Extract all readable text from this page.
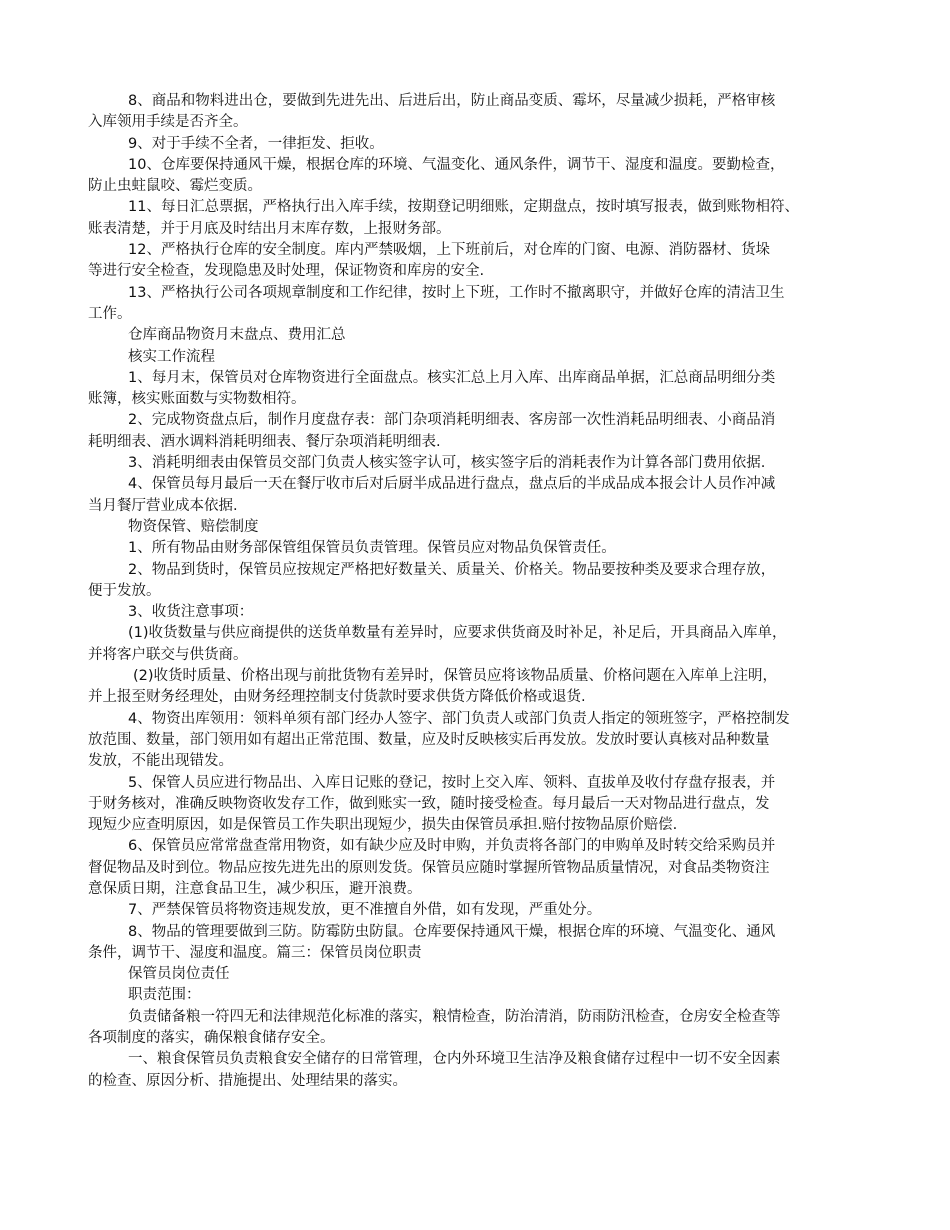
8、商品和物料进出仓，要做到先进先出、后进后出，防止商品变质、霉坏，尽量减少损耗，严格审核
入库领用手续是否齐全。
9、对于手续不全者，一律拒发、拒收。
10、仓库要保持通风干燥，根据仓库的环境、气温变化、通风条件，调节干、湿度和温度。要勤检查，
防止虫蛀鼠咬、霉烂变质。
11、每日汇总票据，严格执行出入库手续，按期登记明细账，定期盘点，按时填写报表，做到账物相符、
账表清楚，并于月底及时结出月末库存数，上报财务部。
12、严格执行仓库的安全制度。库内严禁吸烟，上下班前后，对仓库的门窗、电源、消防器材、货垛
等进行安全检查，发现隐患及时处理，保证物资和库房的安全.
13、严格执行公司各项规章制度和工作纪律，按时上下班，工作时不撤离职守，并做好仓库的清洁卫生
工作。
仓库商品物资月末盘点、费用汇总
核实工作流程
1、每月末，保管员对仓库物资进行全面盘点。核实汇总上月入库、出库商品单据，汇总商品明细分类
账簿，核实账面数与实物数相符。
2、完成物资盘点后，制作月度盘存表：部门杂项消耗明细表、客房部一次性消耗品明细表、小商品消
耗明细表、酒水调料消耗明细表、餐厅杂项消耗明细表.
3、消耗明细表由保管员交部门负责人核实签字认可，核实签字后的消耗表作为计算各部门费用依据.
4、保管员每月最后一天在餐厅收市后对后厨半成品进行盘点，盘点后的半成品成本报会计人员作冲减
当月餐厅营业成本依据.
物资保管、赔偿制度
1、所有物品由财务部保管组保管员负责管理。保管员应对物品负保管责任。
2、物品到货时，保管员应按规定严格把好数量关、质量关、价格关。物品要按种类及要求合理存放，
便于发放。
3、收货注意事项：
(1)收货数量与供应商提供的送货单数量有差异时，应要求供货商及时补足，补足后，开具商品入库单，
并将客户联交与供货商。
(2)收货时质量、价格出现与前批货物有差异时，保管员应将该物品质量、价格问题在入库单上注明，
并上报至财务经理处，由财务经理控制支付货款时要求供货方降低价格或退货.
4、物资出库领用：领料单须有部门经办人签字、部门负责人或部门负责人指定的领班签字，严格控制发
放范围、数量，部门领用如有超出正常范围、数量，应及时反映核实后再发放。发放时要认真核对品种数量
发放，不能出现错发。
5、保管人员应进行物品出、入库日记账的登记，按时上交入库、领料、直拔单及收付存盘存报表，并
于财务核对，准确反映物资收发存工作，做到账实一致，随时接受检查。每月最后一天对物品进行盘点，发
现短少应查明原因，如是保管员工作失职出现短少，损失由保管员承担.赔付按物品原价赔偿.
6、保管员应常常盘查常用物资，如有缺少应及时申购，并负责将各部门的申购单及时转交给采购员并
督促物品及时到位。物品应按先进先出的原则发货。保管员应随时掌握所管物品质量情况，对食品类物资注
意保质日期，注意食品卫生，减少积压，避开浪费。
7、严禁保管员将物资违规发放，更不准擅自外借，如有发现，严重处分。
8、物品的管理要做到三防。防霉防虫防鼠。仓库要保持通风干燥，根据仓库的环境、气温变化、通风
条件，调节干、湿度和温度。篇三：保管员岗位职责
保管员岗位责任
职责范围：
负责储备粮一符四无和法律规范化标准的落实，粮情检查，防治清消，防雨防汛检查，仓房安全检查等
各项制度的落实，确保粮食储存安全。
一、粮食保管员负责粮食安全储存的日常管理，仓内外环境卫生洁净及粮食储存过程中一切不安全因素
的检查、原因分析、措施提出、处理结果的落实。
